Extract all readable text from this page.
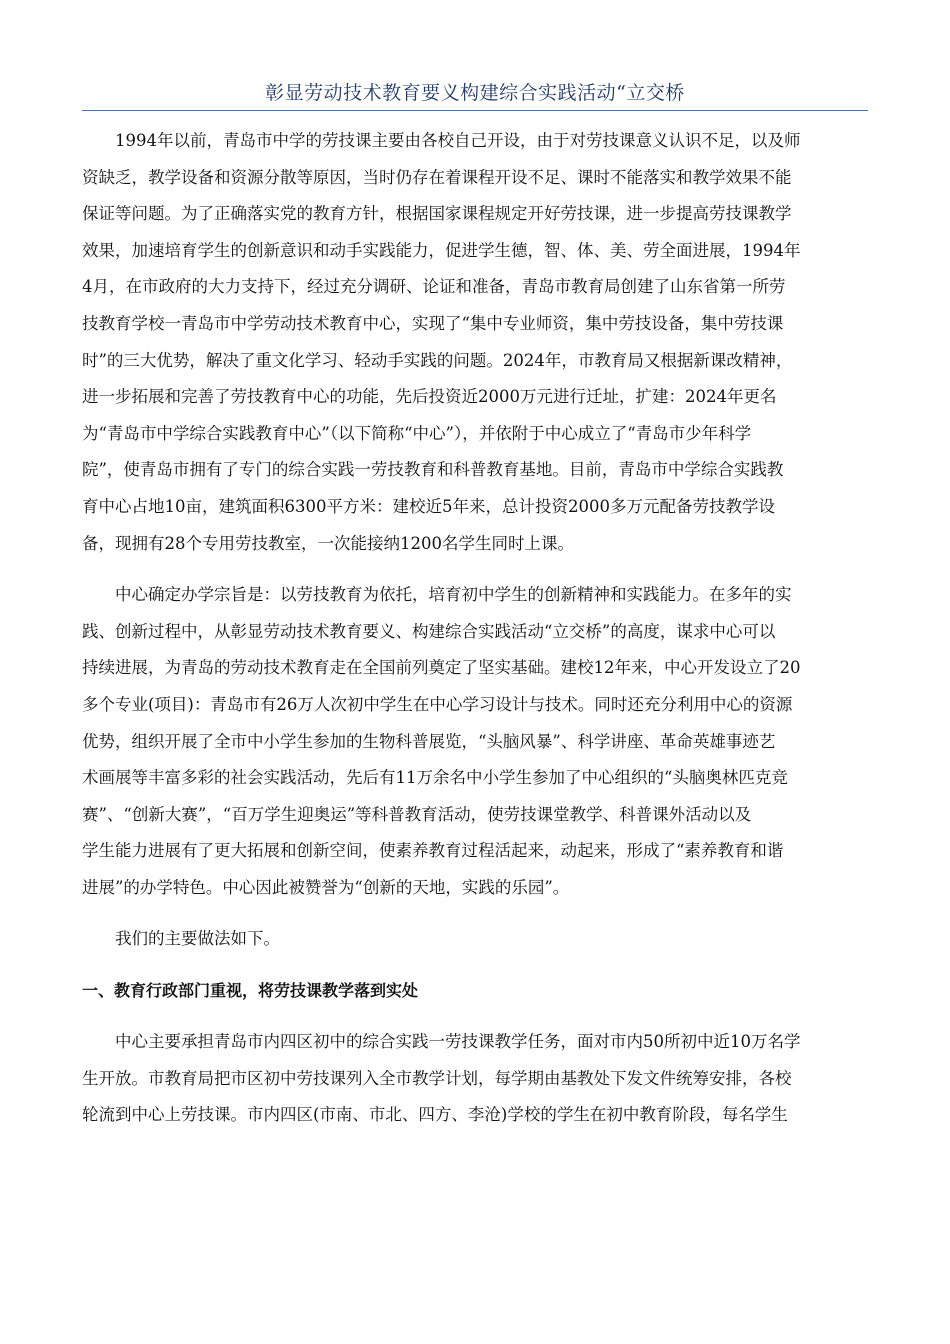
彰显劳动技术教育要义构建综合实践活动“立交桥

1994年以前，青岛市中学的劳技课主要由各校自己开设，由于对劳技课意义认识不足，以及师
资缺乏，教学设备和资源分散等原因，当时仍存在着课程开设不足、课时不能落实和教学效果不能
保证等问题。为了正确落实党的教育方针，根据国家课程规定开好劳技课，进一步提高劳技课教学
效果，加速培育学生的创新意识和动手实践能力，促进学生德，智、体、美、劳全面进展，1994年
4月，在市政府的大力支持下，经过充分调研、论证和准备，青岛市教育局创建了山东省第一所劳
技教育学校一青岛市中学劳动技术教育中心，实现了“集中专业师资，集中劳技设备，集中劳技课
时”的三大优势，解决了重文化学习、轻动手实践的问题。2024年，市教育局又根据新课改精神，
进一步拓展和完善了劳技教育中心的功能，先后投资近2000万元进行迁址，扩建：2024年更名
为“青岛市中学综合实践教育中心”（以下简称“中心”），并依附于中心成立了“青岛市少年科学
院”，使青岛市拥有了专门的综合实践一劳技教育和科普教育基地。目前，青岛市中学综合实践教
育中心占地10亩，建筑面积6300平方米：建校近5年来，总计投资2000多万元配备劳技教学设
备，现拥有28个专用劳技教室，一次能接纳1200名学生同时上课。

中心确定办学宗旨是：以劳技教育为依托，培育初中学生的创新精神和实践能力。在多年的实
践、创新过程中，从彰显劳动技术教育要义、构建综合实践活动“立交桥”的高度，谋求中心可以
持续进展，为青岛的劳动技术教育走在全国前列奠定了坚实基础。建校12年来，中心开发设立了20
多个专业(项目)：青岛市有26万人次初中学生在中心学习设计与技术。同时还充分利用中心的资源
优势，组织开展了全市中小学生参加的生物科普展览，“头脑风暴”、科学讲座、革命英雄事迹艺
术画展等丰富多彩的社会实践活动，先后有11万余名中小学生参加了中心组织的“头脑奥林匹克竞
赛”、“创新大赛”，“百万学生迎奥运”等科普教育活动，使劳技课堂教学、科普课外活动以及
学生能力进展有了更大拓展和创新空间，使素养教育过程活起来，动起来，形成了“素养教育和谐
进展”的办学特色。中心因此被赞誉为“创新的天地，实践的乐园”。

我们的主要做法如下。

一、教育行政部门重视，将劳技课教学落到实处

中心主要承担青岛市内四区初中的综合实践一劳技课教学任务，面对市内50所初中近10万名学
生开放。市教育局把市区初中劳技课列入全市教学计划，每学期由基教处下发文件统筹安排，各校
轮流到中心上劳技课。市内四区(市南、市北、四方、李沧)学校的学生在初中教育阶段，每名学生
